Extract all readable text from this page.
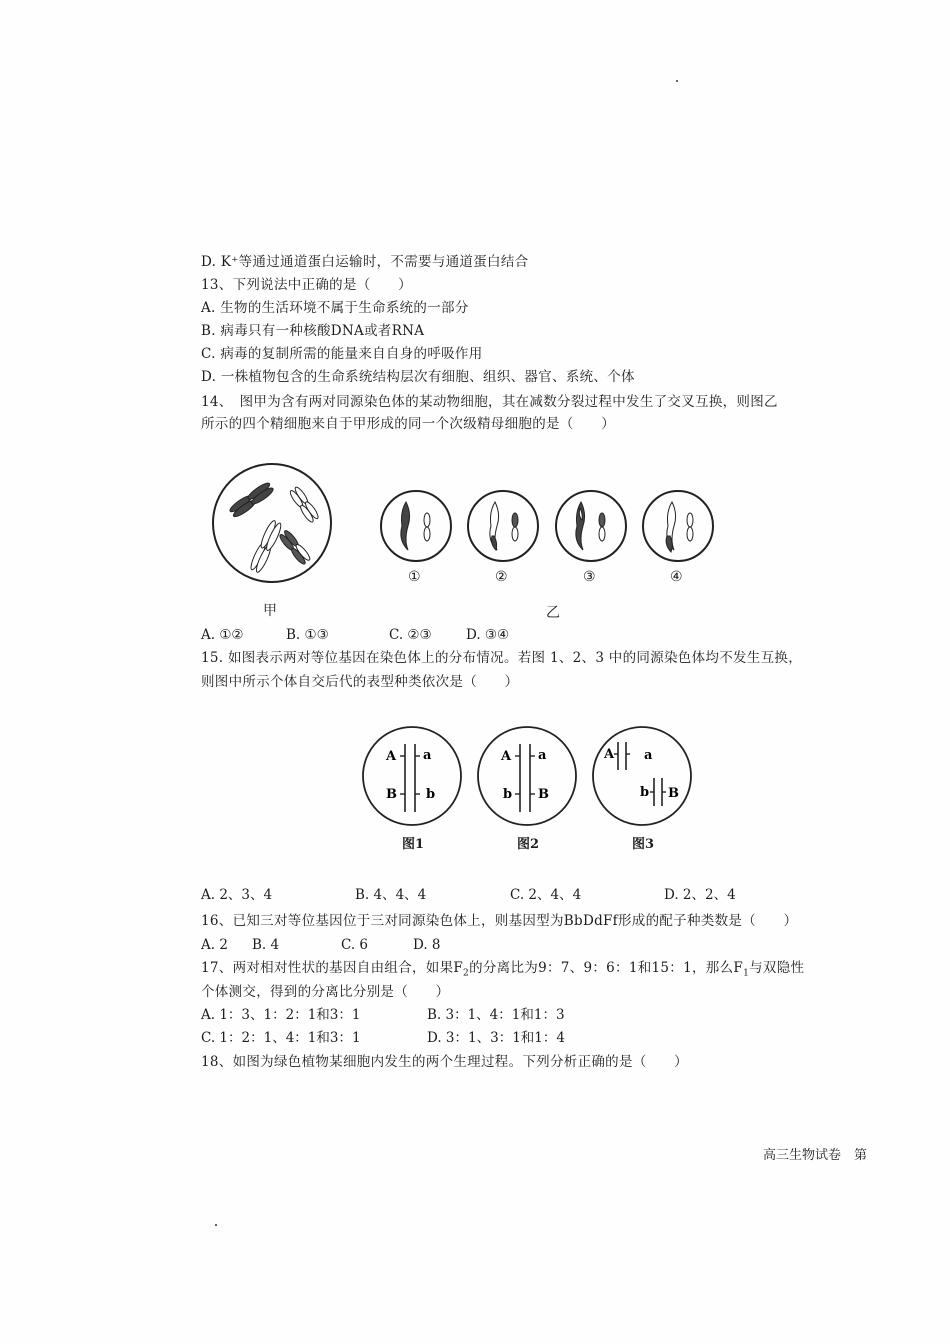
D. K⁺等通过通道蛋白运输时，不需要与通道蛋白结合
13、下列说法中正确的是（　　）
A. 生物的生活环境不属于生命系统的一部分
B. 病毒只有一种核酸DNA或者RNA
C. 病毒的复制所需的能量来自自身的呼吸作用
D. 一株植物包含的生命系统结构层次有细胞、组织、器官、系统、个体
14、　图甲为含有两对同源染色体的某动物细胞，其在减数分裂过程中发生了交叉互换，则图乙
所示的四个精细胞来自于甲形成的同一个次级精母细胞的是（　　）
甲
①	②	③	④
乙
A. ①②	B. ①③	C. ②③	D. ③④
15. 如图表示两对等位基因在染色体上的分布情况。若图 1、2、3 中的同源染色体均不发生互换，
则图中所示个体自交后代的表型种类依次是（　　）
A a
B b
图1
A a
b B
图2
A a
b B
图3
A. 2、3、4	B. 4、4、4	C. 2、4、4	D. 2、2、4
16、已知三对等位基因位于三对同源染色体上，则基因型为BbDdFf形成的配子种类数是（　　）
A. 2 B. 4	C. 6	D. 8
17、两对相对性状的基因自由组合，如果$F_2$的分离比为9：7、9：6：1和15：1，那么$F_1$与双隐性
个体测交，得到的分离比分别是（　　）
A. 1：3、1：2：1和3：1	B. 3：1、4：1和1：3
C. 1：2：1、4：1和3：1	D. 3：1、3：1和1：4
18、如图为绿色植物某细胞内发生的两个生理过程。下列分析正确的是（　　）
高三生物试卷　第
